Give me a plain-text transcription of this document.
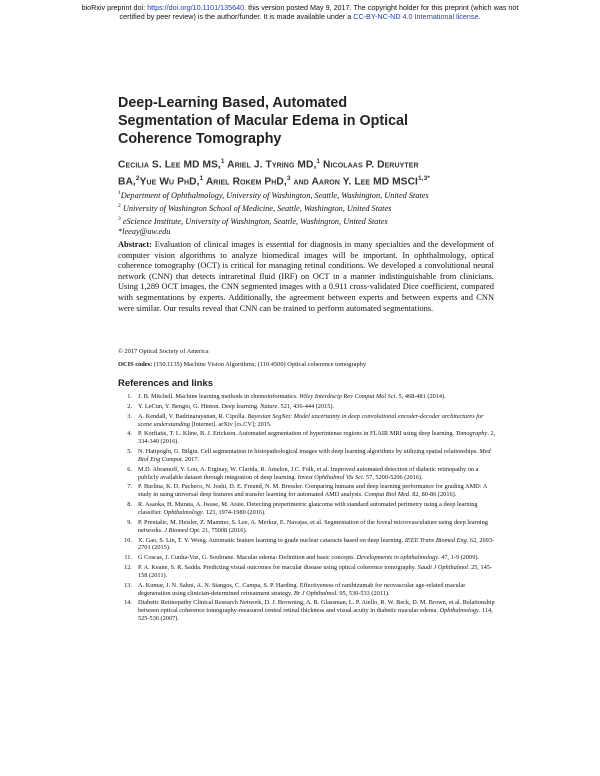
bioRxiv preprint doi: https://doi.org/10.1101/135640. this version posted May 9, 2017. The copyright holder for this preprint (which was not
certified by peer review) is the author/funder. It is made available under a CC-BY-NC-ND 4.0 International license.
Deep-Learning Based, Automated
Segmentation of Macular Edema in Optical
Coherence Tomography
Cecilia S. Lee MD MS,$^1$ Ariel J. Tyring MD,$^1$ Nicolaas P. Deruyter
BA,$^2$Yue Wu PhD,$^1$ Ariel Rokem PhD,$^3$ and Aaron Y. Lee MD $MSCI^{1,3*}$
$^1$Department of Ophthalmology, University of Washington, Seattle, Washington, United States
$^2$ University of Washington School of Medicine, Seattle, Washington, United States
$^3$ eScience Institute, University of Washington, Seattle, Washington, United States
*leeay@uw.edu
Abstract: Evaluation of clinical images is essential for diagnosis in many specialties and the development of computer vision algorithms to analyze biomedical images will be important. In ophthalmology, optical coherence tomography (OCT) is critical for managing retinal conditions. We developed a convolutional neural network (CNN) that detects intraretinal fluid (IRF) on OCT in a manner indistinguishable from clinicians. Using 1,289 OCT images, the CNN segmented images with a 0.911 cross-validated Dice coefficient, compared with segmentations by experts. Additionally, the agreement between experts and between experts and CNN were similar. Our results reveal that CNN can be trained to perform automated segmentations.
© 2017 Optical Society of America
OCIS codes: (150.1135) Machine Vision Algorithms; (110.4500) Optical coherence tomography
References and links
1. J. B. Mitchell. Machine learning methods in chemoinformatics. Wiley Interdiscip Rev Comput Mol Sci. 5, 468-481 (2014).
2. Y. LeCun, Y. Bengio, G. Hinton. Deep learning. Nature. 521, 436-444 (2015).
3. A. Kendall, V. Badrinarayanan, R. Cipolla. Bayesian SegNet: Model uncertainty in deep convolutional encoder-decoder architectures for scene understanding [Internet]. arXiv [cs.CV]; 2015.
4. P. Korfiatis, T. L. Kline, B. J. Erickson. Automated segmentation of hyperintense regions in FLAIR MRI using deep learning. Tomography. 2, 334-340 (2016).
5. N. Hatipoglu, G. Bilgin. Cell segmentation in histopathological images with deep learning algorithms by utilizing spatial relationships. Med Biol Eng Comput. 2017.
6. M.D. Abramoff, Y. Lou, A. Erginay, W. Clarida, R. Amelon, J.C. Folk, et al. Improved automated detection of diabetic retinopathy on a publicly available dataset through integration of deep learning. Invest Ophthalmol Vis Sci. 57, 5200-5206 (2016).
7. P. Burlina, K. D. Pacheco, N. Joshi, D. E. Freund, N. M. Bressler. Comparing humans and deep learning performance for grading AMD: A study in using universal deep features and transfer learning for automated AMD analysis. Comput Biol Med. 82, 80-86 (2016).
8. R. Asaoka, H. Murata, A. Iwase, M. Araie. Detecting preperimetric glaucoma with standard automated perimetry using a deep learning classifier. Ophthalmology. 123, 1974-1980 (2016).
9. P. Prentašic, M. Heisler, Z. Mammo, S. Lee, A. Merkur, E. Navajas, et al. Segmentation of the foveal microvasculature using deep learning networks. J Biomed Opt. 21, 75008 (2016).
10. X. Gao, S. Lin, T. Y. Wong. Automatic feature learning to grade nuclear cataracts based on deep learning. IEEE Trans Biomed Eng. 62, 2693-2701 (2015).
11. G Coscas, J. Cunha-Vaz, G. Soubrane. Macular edema: Definition and basic concepts. Developments in ophthalmology. 47, 1-9 (2009).
12. P. A. Keane, S. R. Sadda. Predicting visual outcomes for macular disease using optical coherence tomography. Saudi J Ophthalmol. 25, 145-158 (2011).
13. A. Kumar, J. N. Sahni, A. N. Stangos, C. Campa, S. P. Harding. Effectiveness of ranibizumab for neovascular age-related macular degeneration using clinician-determined retreatment strategy. Br J Ophthalmol. 95, 530-533 (2011).
14. Diabetic Retinopathy Clinical Research Network, D. J. Browning, A. R. Glassman, L. P. Aiello, R. W. Beck, D. M. Brown, et al. Relationship between optical coherence tomography-measured central retinal thickness and visual acuity in diabetic macular edema. Ophthalmology. 114, 525-536 (2007).
